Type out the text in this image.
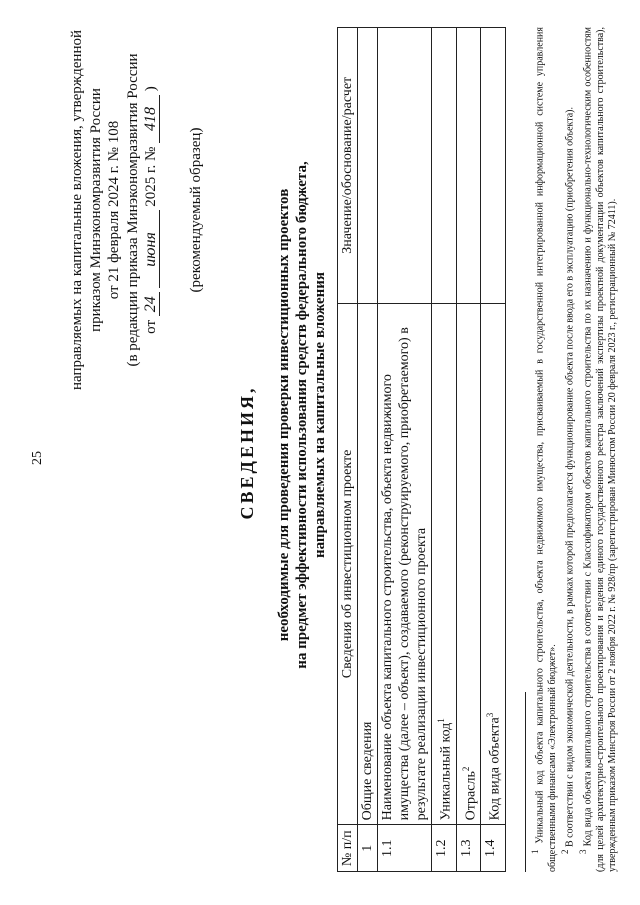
25
направляемых на капитальные вложения, утвержденной приказом Минэкономразвития России от 21 февраля 2024 г. № 108 (в редакции приказа Минэкономразвития России от 24 июня 2025 г. № 418 )
(рекомендуемый образец)
СВЕДЕНИЯ, необходимые для проведения проверки инвестиционных проектов на предмет эффективности использования средств федерального бюджета, направляемых на капитальные вложения
№ п/п	Сведения об инвестиционном проекте	Значение/обоснование/расчет
1	Общие сведения	
1.1	Наименование объекта капитального строительства, объекта недвижимого имущества (далее – объект), создаваемого (реконструируемого, приобретаемого) в результате реализации инвестиционного проекта	
1.2	Уникальный код$^1$	
1.3	Отрасль$^2$	
1.4	Код вида объекта$^3$	

$^1$ Уникальный код объекта капитального строительства, объекта недвижимого имущества, присваиваемый в государственной интегрированной информационной системе управления общественными финансами «Электронный бюджет». $^2$ В соответствии с видом экономической деятельности, в рамках которой предполагается функционирование объекта после ввода его в эксплуатацию (приобретения объекта).

$^3$ Код вида объекта капитального строительства в соответствии с Классификатором объектов капитального строительства по их назначению и функционально-технологическим особенностям (для целей архитектурно-строительного проектирования и ведения единого государственного реестра заключений экспертизы проектной документации объектов капитального строительства), утвержденным приказом Минстроя России от 2 ноября 2022 г. № 928/пр (зарегистрирован Минюстом России 20 февраля 2023 г., регистрационный № 72411).
